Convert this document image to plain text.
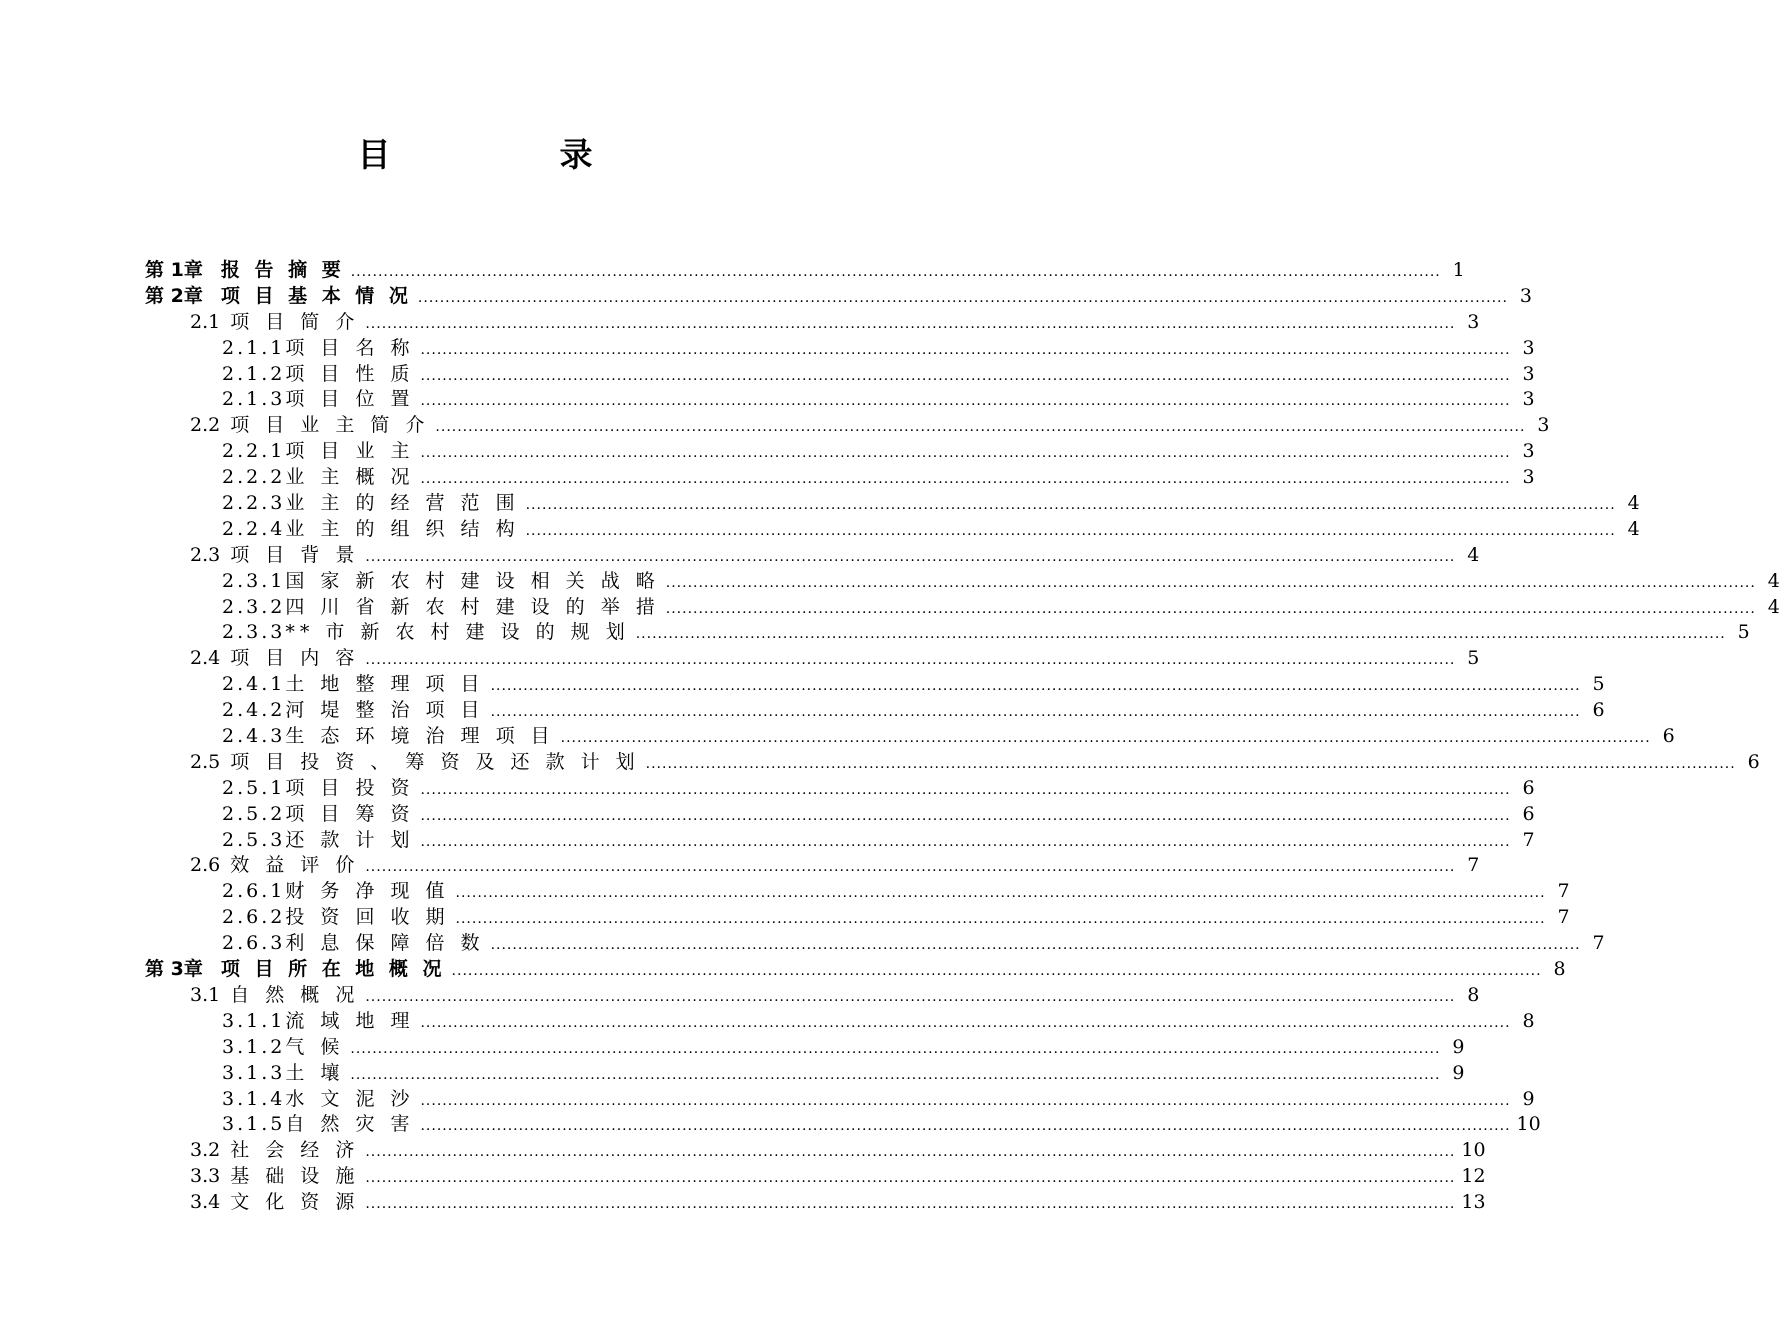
目　录
第 1章 报 告 摘 要 ........................................................................................................................................................................................................ 1
第 2章 项 目 基 本 情 况 ........................................................................................................................................................................................................ 3
2.1 项 目 简 介 ........................................................................................................................................................................................................ 3
2.1.1项 目 名 称 ........................................................................................................................................................................................................ 3
2.1.2项 目 性 质 ........................................................................................................................................................................................................ 3
2.1.3项 目 位 置 ........................................................................................................................................................................................................ 3
2.2 项 目 业 主 简 介 ........................................................................................................................................................................................................ 3
2.2.1项 目 业 主 ........................................................................................................................................................................................................ 3
2.2.2业 主 概 况 ........................................................................................................................................................................................................ 3
2.2.3业 主 的 经 营 范 围 ........................................................................................................................................................................................................ 4
2.2.4业 主 的 组 织 结 构 ........................................................................................................................................................................................................ 4
2.3 项 目 背 景 ........................................................................................................................................................................................................ 4
2.3.1国 家 新 农 村 建 设 相 关 战 略 ........................................................................................................................................................................................................ 4
2.3.2四 川 省 新 农 村 建 设 的 举 措 ........................................................................................................................................................................................................ 4
2.3.3** 市 新 农 村 建 设 的 规 划 ........................................................................................................................................................................................................ 5
2.4 项 目 内 容 ........................................................................................................................................................................................................ 5
2.4.1土 地 整 理 项 目 ........................................................................................................................................................................................................ 5
2.4.2河 堤 整 治 项 目 ........................................................................................................................................................................................................ 6
2.4.3生 态 环 境 治 理 项 目 ........................................................................................................................................................................................................ 6
2.5 项 目 投 资 、 筹 资 及 还 款 计 划 ........................................................................................................................................................................................................ 6
2.5.1项 目 投 资 ........................................................................................................................................................................................................ 6
2.5.2项 目 筹 资 ........................................................................................................................................................................................................ 6
2.5.3还 款 计 划 ........................................................................................................................................................................................................ 7
2.6 效 益 评 价 ........................................................................................................................................................................................................ 7
2.6.1财 务 净 现 值 ........................................................................................................................................................................................................ 7
2.6.2投 资 回 收 期 ........................................................................................................................................................................................................ 7
2.6.3利 息 保 障 倍 数 ........................................................................................................................................................................................................ 7
第 3章 项 目 所 在 地 概 况 ........................................................................................................................................................................................................ 8
3.1 自 然 概 况 ........................................................................................................................................................................................................ 8
3.1.1流 域 地 理 ........................................................................................................................................................................................................ 8
3.1.2气 候 ........................................................................................................................................................................................................ 9
3.1.3土 壤 ........................................................................................................................................................................................................ 9
3.1.4水 文 泥 沙 ........................................................................................................................................................................................................ 9
3.1.5自 然 灾 害 ........................................................................................................................................................................................................ 10
3.2 社 会 经 济 ........................................................................................................................................................................................................ 10
3.3 基 础 设 施 ........................................................................................................................................................................................................ 12
3.4 文 化 资 源 ........................................................................................................................................................................................................ 13
